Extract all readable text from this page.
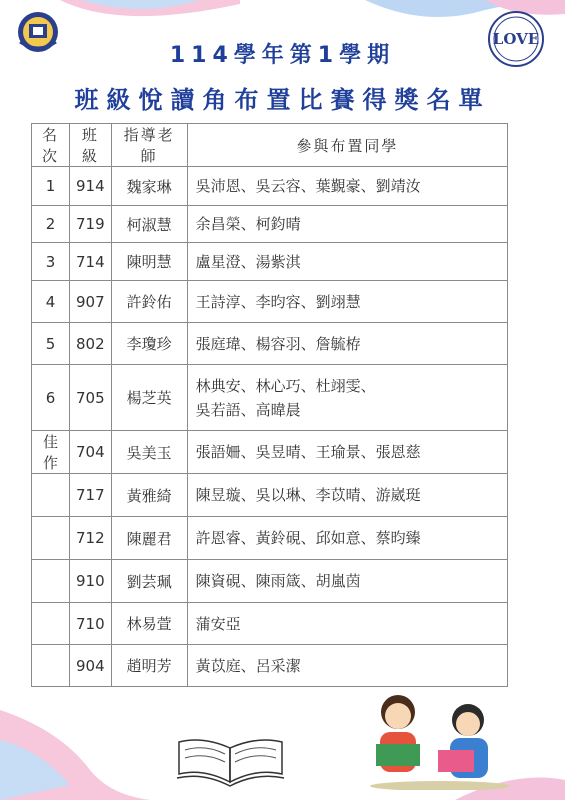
LOVE
114學年第1學期
班級悅讀角布置比賽得獎名單
名次	班級	指導老師	參與布置同學
1	914	魏家琳	吳沛恩、吳云容、葉覲豪、劉靖汝
2	719	柯淑慧	余昌榮、柯鈞晴
3	714	陳明慧	盧星澄、湯紫淇
4	907	許鈴佑	王詩淳、李昀容、劉翊慧
5	802	李瓊珍	張庭瑋、楊容羽、詹毓栫
6	705	楊芝英	林典安、林心巧、杜翊雯、
吳若語、高暐晨

佳作	704	吳美玉	張語姍、吳昱晴、王瑜景、張恩慈
	717	黃雅綺	陳昱璇、吳以琳、李苡晴、游崴珽
	712	陳麗君	許恩睿、黃鈴硯、邱如意、蔡昀臻
	910	劉芸珮	陳資硯、陳雨箴、胡嵐茵
	710	林易萱	蒲安亞
	904	趙明芳	黃苡庭、呂采潔
